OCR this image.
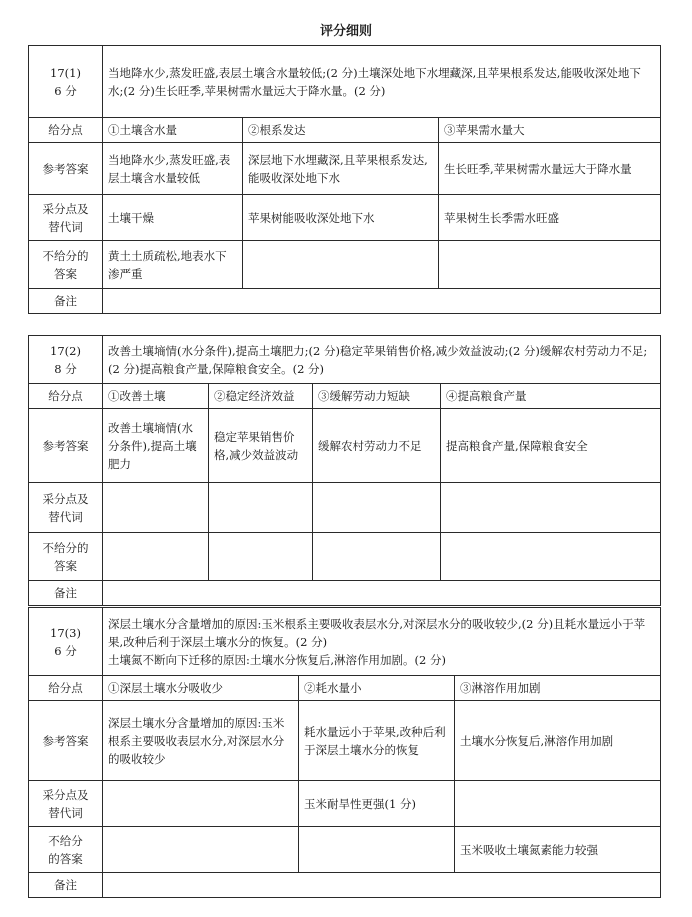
评分细则
17(1)
6 分	当地降水少,蒸发旺盛,表层土壤含水量较低;(2 分)土壤深处地下水埋藏深,且苹果根系发达,能吸收深处地下水;(2 分)生长旺季,苹果树需水量远大于降水量。(2 分)		
给分点	①土壤含水量	②根系发达	③苹果需水量大
参考答案	当地降水少,蒸发旺盛,表层土壤含水量较低	深层地下水埋藏深,且苹果根系发达,能吸收深处地下水	生长旺季,苹果树需水量远大于降水量

采分点及
替代词	土壤干燥	苹果树能吸收深处地下水	苹果树生长季需水旺盛

不给分的
答案	黄土土质疏松,地表水下渗严重		
备注			
17(2)
8 分	改善土壤墒情(水分条件),提高土壤肥力;(2 分)稳定苹果销售价格,减少效益波动;(2 分)缓解农村劳动力不足;(2 分)提高粮食产量,保障粮食安全。(2 分)			
给分点	①改善土壤	②稳定经济效益	③缓解劳动力短缺	④提高粮食产量
参考答案	改善土壤墒情(水分条件),提高土壤肥力	稳定苹果销售价格,减少效益波动	缓解农村劳动力不足	提高粮食产量,保障粮食安全

采分点及
替代词				

不给分的
答案				

备注				
17(3)
6 分	深层土壤水分含量增加的原因:玉米根系主要吸收表层水分,对深层水分的吸收较少,(2 分)且耗水量远小于苹果,改种后利于深层土壤水分的恢复。(2 分)
土壤氮不断向下迁移的原因:土壤水分恢复后,淋溶作用加剧。(2 分)		

给分点	①深层土壤水分吸收少	②耗水量小	③淋溶作用加剧
参考答案	深层土壤水分含量增加的原因:玉米根系主要吸收表层水分,对深层水分的吸收较少	耗水量远小于苹果,改种后利于深层土壤水分的恢复	土壤水分恢复后,淋溶作用加剧

采分点及
替代词		玉米耐旱性更强(1 分)	

不给分
的答案			玉米吸收土壤氮素能力较强
备注			
